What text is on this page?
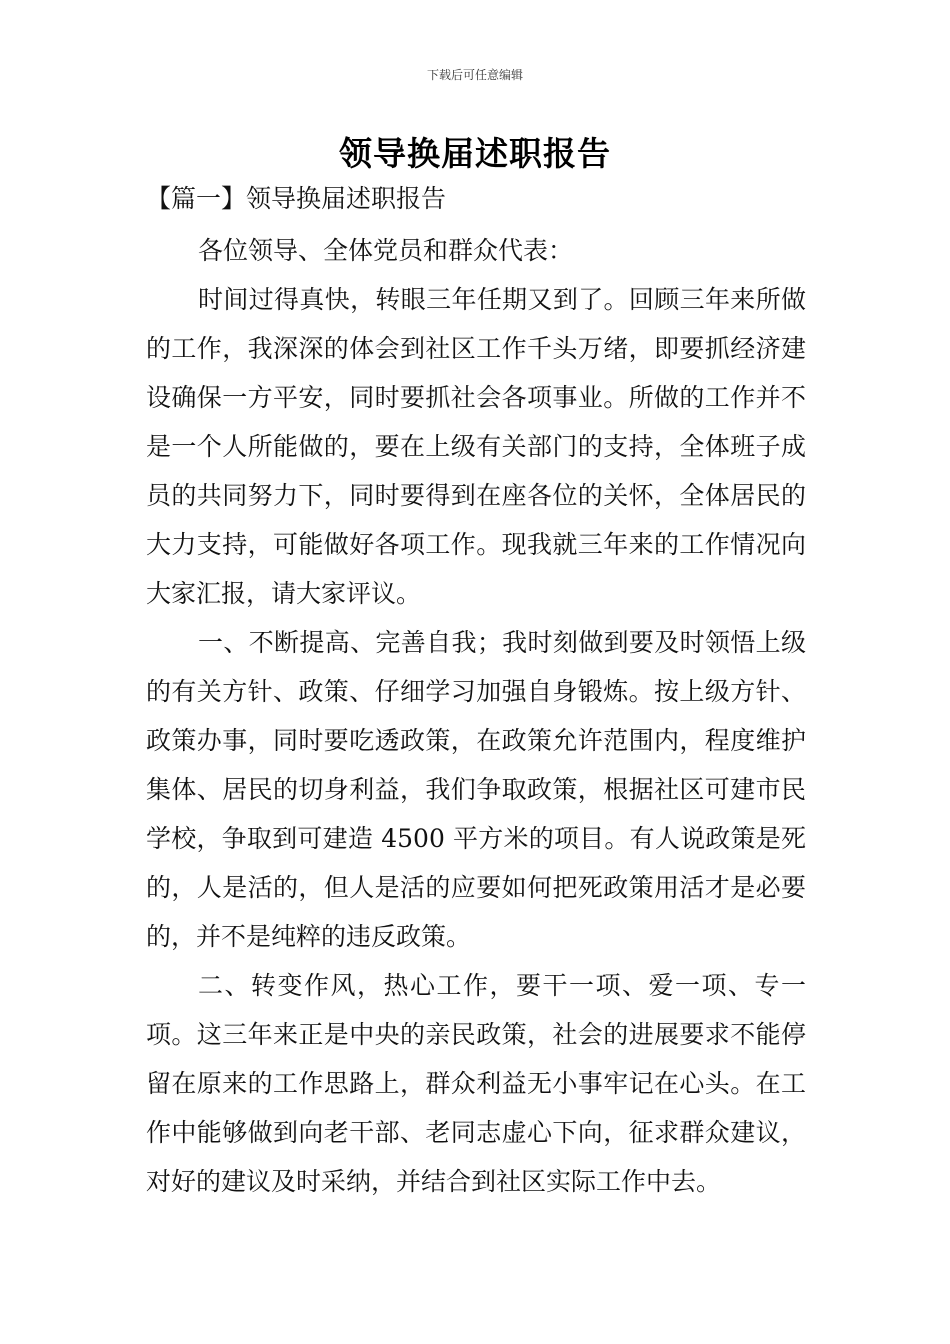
下载后可任意编辑
领导换届述职报告
【篇一】领导换届述职报告

各位领导、全体党员和群众代表：

时间过得真快，转眼三年任期又到了。回顾三年来所做的工作，我深深的体会到社区工作千头万绪，即要抓经济建设确保一方平安，同时要抓社会各项事业。所做的工作并不是一个人所能做的，要在上级有关部门的支持，全体班子成员的共同努力下，同时要得到在座各位的关怀，全体居民的大力支持，可能做好各项工作。现我就三年来的工作情况向大家汇报，请大家评议。

一、不断提高、完善自我；我时刻做到要及时领悟上级的有关方针、政策、仔细学习加强自身锻炼。按上级方针、政策办事，同时要吃透政策，在政策允许范围内，程度维护集体、居民的切身利益，我们争取政策，根据社区可建市民学校，争取到可建造 4500 平方米的项目。有人说政策是死的，人是活的，但人是活的应要如何把死政策用活才是必要的，并不是纯粹的违反政策。

二、转变作风，热心工作，要干一项、爱一项、专一项。这三年来正是中央的亲民政策，社会的进展要求不能停留在原来的工作思路上，群众利益无小事牢记在心头。在工作中能够做到向老干部、老同志虚心下向，征求群众建议，对好的建议及时采纳，并结合到社区实际工作中去。
